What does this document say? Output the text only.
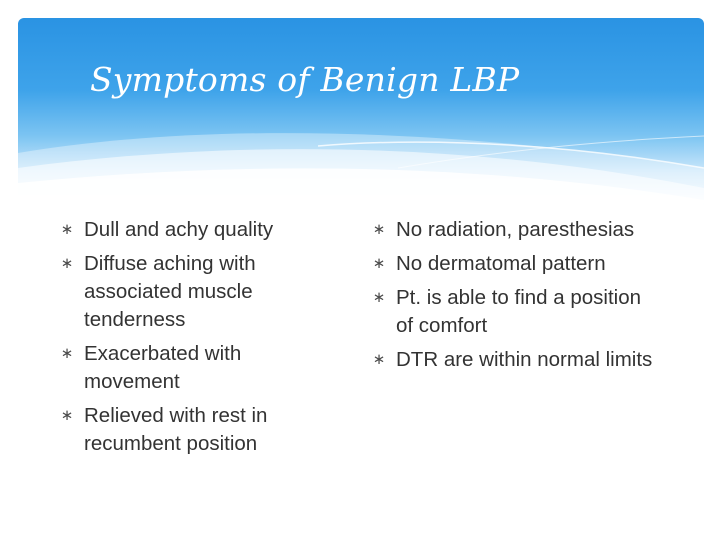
Symptoms of Benign LBP
∗ Dull and achy quality
∗ Diffuse aching with associated muscle tenderness
∗ Exacerbated with movement
∗ Relieved with rest in recumbent position
∗ No radiation, paresthesias
∗ No dermatomal pattern
∗ Pt. is able to find a position of comfort
∗ DTR are within normal limits
